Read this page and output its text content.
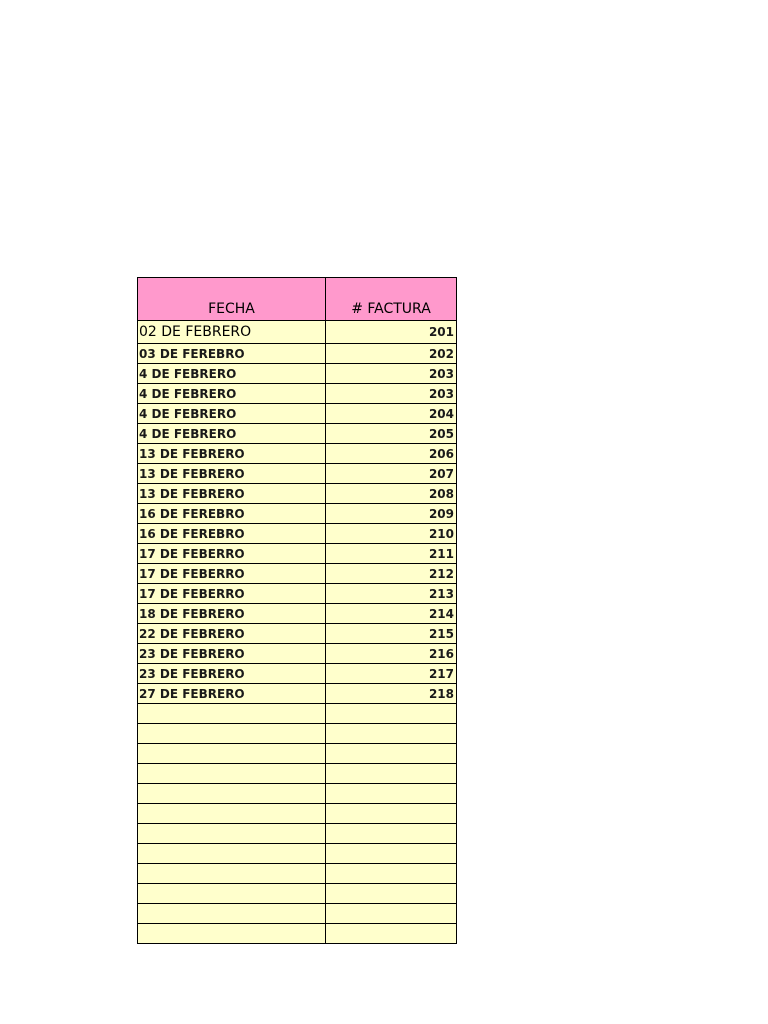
FECHA	# FACTURA
02 DE FEBRERO	201
03 DE FEREBRO	202
4 DE FEBRERO	203
4 DE FEBRERO	203
4 DE FEBRERO	204
4 DE FEBRERO	205
13 DE FEBRERO	206
13 DE FEBRERO	207
13 DE FEBRERO	208
16 DE FEREBRO	209
16 DE FEREBRO	210
17 DE FEBERRO	211
17 DE FEBERRO	212
17 DE FEBERRO	213
18 DE FEBRERO	214
22 DE FEBRERO	215
23 DE FEBRERO	216
23 DE FEBRERO	217
27 DE FEBRERO	218
